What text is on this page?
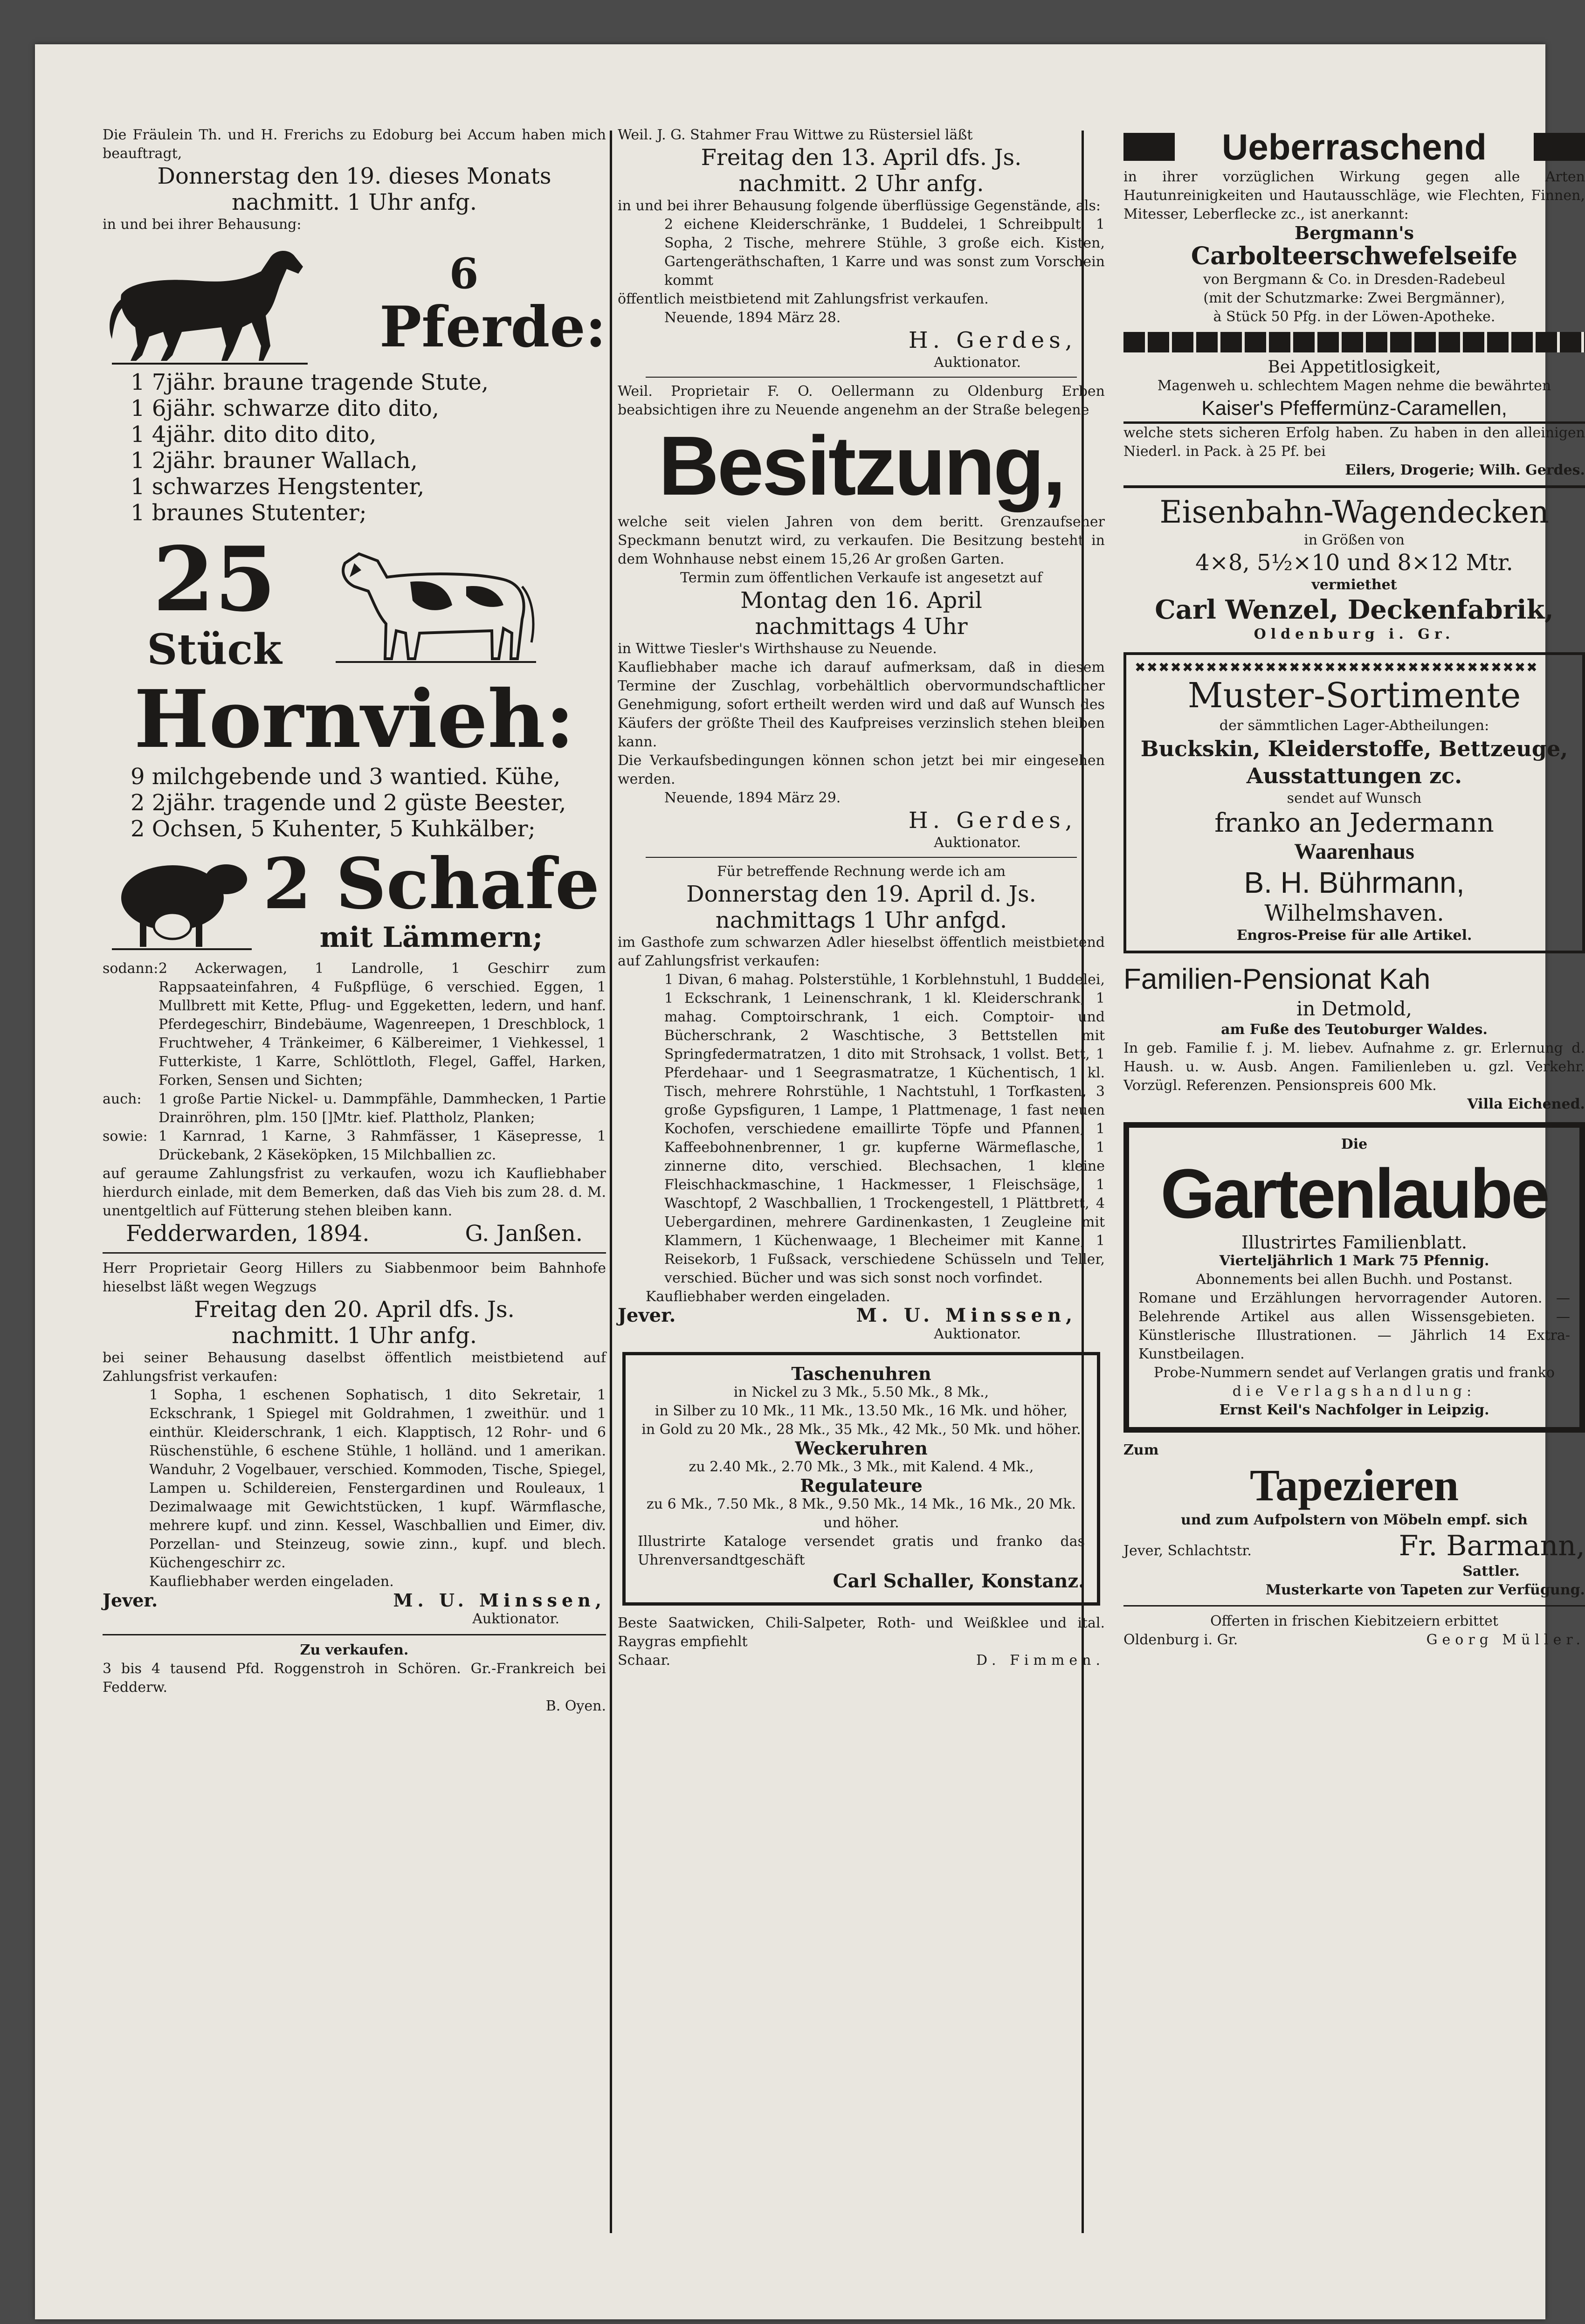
Die Fräulein Th. und H. Frerichs zu Edoburg bei Accum haben mich beauftragt,

Donnerstag den 19. dieses Monats

nachmitt. 1 Uhr anfg.

in und bei ihrer Behausung:

6
Pferde:

1 7jähr. braune tragende Stute,

1 6jähr. schwarze dito dito,

1 4jähr. dito dito dito,

1 2jähr. brauner Wallach,

1 schwarzes Hengstenter,

1 braunes Stutenter;

25
Stück
Hornvieh:

9 milchgebende und 3 wantied. Kühe,

2 2jähr. tragende und 2 güste Beester,

2 Ochsen, 5 Kuhenter, 5 Kuhkälber;

2 Schafe
mit Lämmern;
sodann: 2 Ackerwagen, 1 Landrolle, 1 Geschirr zum Rappsaateinfahren, 4 Fußpflüge, 6 verschied. Eggen, 1 Mullbrett mit Kette, Pflug- und Eggeketten, ledern, und hanf. Pferdegeschirr, Bindebäume, Wagenreepen, 1 Dreschblock, 1 Fruchtweher, 4 Tränkeimer, 6 Kälbereimer, 1 Viehkessel, 1 Futterkiste, 1 Karre, Schlöttloth, Flegel, Gaffel, Harken, Forken, Sensen und Sichten;

auch:	1 große Partie Nickel- u. Dammpfähle, Dammhecken, 1 Partie Drainröhren, plm. 150 []Mtr. kief. Plattholz, Planken;

sowie: 1 Karnrad, 1 Karne, 3 Rahmfässer, 1 Käsepresse, 1 Drückebank, 2 Käseköpken, 15 Milchballien zc.

auf geraume Zahlungsfrist zu verkaufen, wozu ich Kaufliebhaber hierdurch einlade, mit dem Bemerken, daß das Vieh bis zum 28. d. M. unentgeltlich auf Fütterung stehen bleiben kann.

Fedderwarden, 1894.	G. Janßen.

Herr Proprietair Georg Hillers zu Siabbenmoor beim Bahnhofe hieselbst läßt wegen Wegzugs

Freitag den 20. April dfs. Js.

nachmitt. 1 Uhr anfg.

bei seiner Behausung daselbst öffentlich meistbietend auf Zahlungsfrist verkaufen:

1 Sopha, 1 eschenen Sophatisch, 1 dito Sekretair, 1 Eckschrank, 1 Spiegel mit Goldrahmen, 1 zweithür. und 1 einthür. Kleiderschrank, 1 eich. Klapptisch, 12 Rohr- und 6 Rüschenstühle, 6 eschene Stühle, 1 holländ. und 1 amerikan. Wanduhr, 2 Vogelbauer, verschied. Kommoden, Tische, Spiegel, Lampen u. Schildereien, Fenstergardinen und Rouleaux, 1 Dezimalwaage mit Gewichtstücken, 1 kupf. Wärmflasche, mehrere kupf. und zinn. Kessel, Waschballien und Eimer, div. Porzellan- und Steinzeug, sowie zinn., kupf. und blech. Küchengeschirr zc.

Kaufliebhaber werden eingeladen.

Jever.	M. U. Minssen,

Auktionator.

Zu verkaufen.

3 bis 4 tausend Pfd. Roggenstroh in Schören. Gr.-Frankreich bei Fedderw.

B. Oyen.

Weil. J. G. Stahmer Frau Wittwe zu Rüstersiel läßt

Freitag den 13. April dfs. Js.

nachmitt. 2 Uhr anfg.

in und bei ihrer Behausung folgende überflüssige Gegenstände, als:

2 eichene Kleiderschränke, 1 Buddelei, 1 Schreibpult, 1 Sopha, 2 Tische, mehrere Stühle, 3 große eich. Kisten, Gartengeräthschaften, 1 Karre und was sonst zum Vorschein kommt

öffentlich meistbietend mit Zahlungsfrist verkaufen.

Neuende, 1894 März 28.

H. Gerdes,

Auktionator.

Weil. Proprietair F. O. Oellermann zu Oldenburg Erben beabsichtigen ihre zu Neuende angenehm an der Straße belegene

Besitzung,

welche seit vielen Jahren von dem beritt. Grenzaufseher Speckmann benutzt wird, zu verkaufen. Die Besitzung besteht in dem Wohnhause nebst einem 15,26 Ar großen Garten.

Termin zum öffentlichen Verkaufe ist angesetzt auf

Montag den 16. April

nachmittags 4 Uhr

in Wittwe Tiesler's Wirthshause zu Neuende.

Kaufliebhaber mache ich darauf aufmerksam, daß in diesem Termine der Zuschlag, vorbehältlich obervormundschaftlicher Genehmigung, sofort ertheilt werden wird und daß auf Wunsch des Käufers der größte Theil des Kaufpreises verzinslich stehen bleiben kann.

Die Verkaufsbedingungen können schon jetzt bei mir eingesehen werden.

Neuende, 1894 März 29.

H. Gerdes,

Auktionator.

Für betreffende Rechnung werde ich am

Donnerstag den 19. April d. Js.

nachmittags 1 Uhr anfgd.

im Gasthofe zum schwarzen Adler hieselbst öffentlich meistbietend auf Zahlungsfrist verkaufen:

1 Divan, 6 mahag. Polsterstühle, 1 Korblehnstuhl, 1 Buddelei, 1 Eckschrank, 1 Leinenschrank, 1 kl. Kleiderschrank, 1 mahag. Comptoirschrank, 1 eich. Comptoir- und Bücherschrank, 2 Waschtische, 3 Bettstellen mit Springfedermatratzen, 1 dito mit Strohsack, 1 vollst. Bett, 1 Pferdehaar- und 1 Seegrasmatratze, 1 Küchentisch, 1 kl. Tisch, mehrere Rohrstühle, 1 Nachtstuhl, 1 Torfkasten, 3 große Gypsfiguren, 1 Lampe, 1 Plattmenage, 1 fast neuen Kochofen, verschiedene emaillirte Töpfe und Pfannen, 1 Kaffeebohnenbrenner, 1 gr. kupferne Wärmeflasche, 1 zinnerne dito, verschied. Blechsachen, 1 kleine Fleischhackmaschine, 1 Hackmesser, 1 Fleischsäge, 1 Waschtopf, 2 Waschballien, 1 Trockengestell, 1 Plättbrett, 4 Uebergardinen, mehrere Gardinenkasten, 1 Zeugleine mit Klammern, 1 Küchenwaage, 1 Blecheimer mit Kanne, 1 Reisekorb, 1 Fußsack, verschiedene Schüsseln und Teller, verschied. Bücher und was sich sonst noch vorfindet.

Kaufliebhaber werden eingeladen.

Jever.	M. U. Minssen,

Auktionator.

Taschenuhren

in Nickel zu 3 Mk., 5.50 Mk., 8 Mk.,

in Silber zu 10 Mk., 11 Mk., 13.50 Mk., 16 Mk. und höher,

in Gold zu 20 Mk., 28 Mk., 35 Mk., 42 Mk., 50 Mk. und höher.

Weckeruhren

zu 2.40 Mk., 2.70 Mk., 3 Mk., mit Kalend. 4 Mk.,

Regulateure

zu 6 Mk., 7.50 Mk., 8 Mk., 9.50 Mk., 14 Mk., 16 Mk., 20 Mk. und höher.

Illustrirte Kataloge versendet gratis und franko das Uhrenversandtgeschäft

Carl Schaller, Konstanz.

Beste Saatwicken, Chili-Salpeter, Roth- und Weißklee und ital. Raygras empfiehlt

Schaar.	D. Fimmen.
Ueberraschend

in ihrer vorzüglichen Wirkung gegen alle Arten Hautunreinigkeiten und Hautausschläge, wie Flechten, Finnen, Mitesser, Leberflecke zc., ist anerkannt:

Bergmann's

Carbolteerschwefelseife

von Bergmann & Co. in Dresden-Radebeul

(mit der Schutzmarke: Zwei Bergmänner),

à Stück 50 Pfg. in der Löwen-Apotheke.

Bei Appetitlosigkeit,

Magenweh u. schlechtem Magen nehme die bewährten

Kaiser's Pfeffermünz-Caramellen,

welche stets sicheren Erfolg haben. Zu haben in den alleinigen Niederl. in Pack. à 25 Pf. bei

Eilers, Drogerie; Wilh. Gerdes.

Eisenbahn-Wagendecken

in Größen von

4×8, 5½×10 und 8×12 Mtr.

vermiethet

Carl Wenzel, Deckenfabrik,

Oldenburg i. Gr.

✖✖✖✖✖✖✖✖✖✖✖✖✖✖✖✖✖✖✖✖✖✖✖✖✖✖✖✖✖✖✖✖✖✖

Muster-Sortimente

der sämmtlichen Lager-Abtheilungen:

Buckskin, Kleiderstoffe, Bettzeuge, Ausstattungen zc.

sendet auf Wunsch

franko an Jedermann

Waarenhaus

B. H. Bührmann,

Wilhelmshaven.

Engros-Preise für alle Artikel.

Familien-Pensionat Kah

in Detmold,

am Fuße des Teutoburger Waldes.

In geb. Familie f. j. M. liebev. Aufnahme z. gr. Erlernung d. Haush. u. w. Ausb. Angen. Familienleben u. gzl. Verkehr. Vorzügl. Referenzen. Pensionspreis 600 Mk.

Villa Eichened.

Die

Gartenlaube

Illustrirtes Familienblatt.

Vierteljährlich 1 Mark 75 Pfennig.

Abonnements bei allen Buchh. und Postanst.

Romane und Erzählungen hervorragender Autoren. — Belehrende Artikel aus allen Wissensgebieten. — Künstlerische Illustrationen. — Jährlich 14 Extra-Kunstbeilagen.

Probe-Nummern sendet auf Verlangen gratis und franko

die Verlagshandlung:

Ernst Keil's Nachfolger in Leipzig.

Zum

Tapezieren

und zum Aufpolstern von Möbeln empf. sich

Jever, Schlachtstr.	Fr. Barmann,

Sattler.

Musterkarte von Tapeten zur Verfügung.

Offerten in frischen Kiebitzeiern erbittet

Oldenburg i. Gr.	Georg Müller.
